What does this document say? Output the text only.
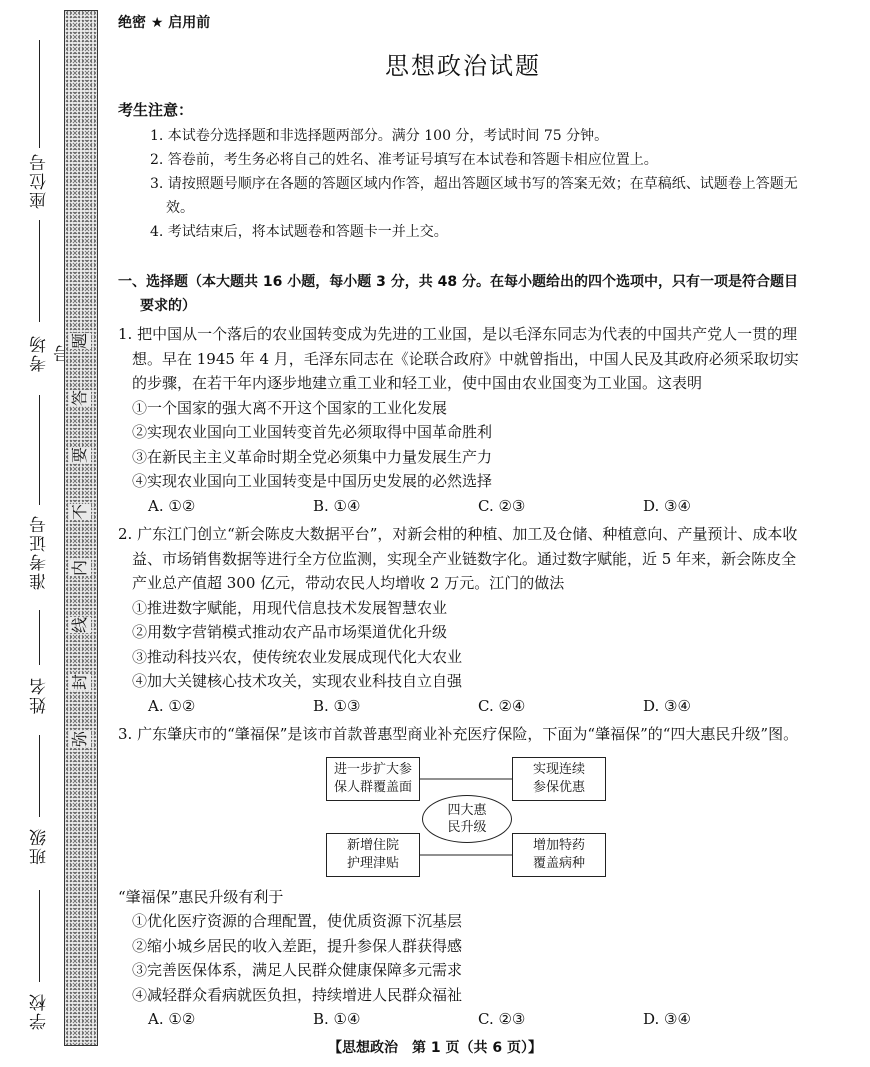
座位号
考场
准考证号
姓名
班级
学校
题
答
要
不
内
线
封
弥
绝密 ★ 启用前
思想政治试题
考生注意：
1. 本试卷分选择题和非选择题两部分。满分 100 分，考试时间 75 分钟。
2. 答卷前，考生务必将自己的姓名、准考证号填写在本试卷和答题卡相应位置上。
3. 请按照题号顺序在各题的答题区域内作答，超出答题区域书写的答案无效；在草稿纸、试题卷上答题无效。
4. 考试结束后，将本试题卷和答题卡一并上交。
一、选择题（本大题共 16 小题，每小题 3 分，共 48 分。在每小题给出的四个选项中，只有一项是符合题目要求的）
1. 把中国从一个落后的农业国转变成为先进的工业国，是以毛泽东同志为代表的中国共产党人一贯的理想。早在 1945 年 4 月，毛泽东同志在《论联合政府》中就曾指出，中国人民及其政府必须采取切实的步骤，在若干年内逐步地建立重工业和轻工业，使中国由农业国变为工业国。这表明
①一个国家的强大离不开这个国家的工业化发展
②实现农业国向工业国转变首先必须取得中国革命胜利
③在新民主主义革命时期全党必须集中力量发展生产力
④实现农业国向工业国转变是中国历史发展的必然选择
A. ①②	B. ①④	C. ②③	D. ③④
2. 广东江门创立“新会陈皮大数据平台”，对新会柑的种植、加工及仓储、种植意向、产量预计、成本收益、市场销售数据等进行全方位监测，实现全产业链数字化。通过数字赋能，近 5 年来，新会陈皮全产业总产值超 300 亿元，带动农民人均增收 2 万元。江门的做法
①推进数字赋能，用现代信息技术发展智慧农业
②用数字营销模式推动农产品市场渠道优化升级
③推动科技兴农，使传统农业发展成现代化大农业
④加大关键核心技术攻关，实现农业科技自立自强
A. ①②	B. ①③	C. ②④	D. ③④
3. 广东肇庆市的“肇福保”是该市首款普惠型商业补充医疗保险，下面为“肇福保”的“四大惠民升级”图。
进一步扩大参
保人群覆盖面
实现连续
参保优惠
新增住院
护理津贴
增加特药
覆盖病种
四大惠
民升级
“肇福保”惠民升级有利于
①优化医疗资源的合理配置，使优质资源下沉基层
②缩小城乡居民的收入差距，提升参保人群获得感
③完善医保体系，满足人民群众健康保障多元需求
④减轻群众看病就医负担，持续增进人民群众福祉
A. ①②	B. ①④	C. ②③	D. ③④
【思想政治　第 1 页（共 6 页）】
